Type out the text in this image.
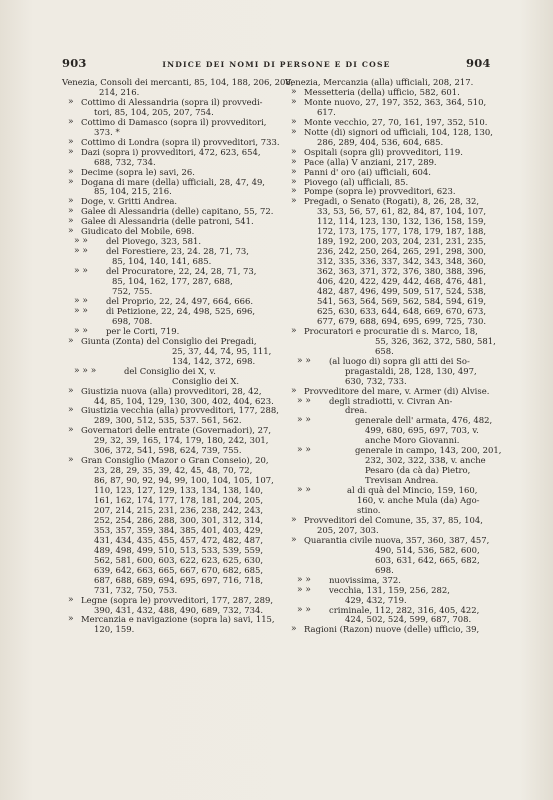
903	INDICE DEI NOMI DI PERSONE E DI COSE	904
Venezia, Consoli dei mercanti, 85, 104, 188, 206, 208,
214, 216.
» Cottimo di Alessandria (sopra il) provvedi-
tori, 85, 104, 205, 207, 754.
» Cottimo di Damasco (sopra il) provveditori,
373. *
» Cottimo di Londra (sopra il) provveditori, 733.
» Dazi (sopra i) provveditori, 472, 623, 654,
688, 732, 734.
» Decime (sopra le) savi, 26.
» Dogana di mare (della) ufficiali, 28, 47, 49,
85, 104, 215, 216.
» Doge, v. Gritti Andrea.
» Galee di Alessandria (delle) capitano, 55, 72.
» Galee di Alessandria (delle patroni, 541.
» Giudicato del Mobile, 698.
» »	del Piovego, 323, 581.
» »	del Forestiere, 23, 24. 28, 71, 73,
85, 104, 140, 141, 685.
» »	del Procuratore, 22, 24, 28, 71, 73,
85, 104, 162, 177, 287, 688,
752, 755.
» »	del Proprio, 22, 24, 497, 664, 666.
» »	di Petizione, 22, 24, 498, 525, 696,
698, 708.
» »	per le Corti, 719.
» Giunta (Zonta) del Consiglio dei Pregadi,
25, 37, 44, 74, 95, 111,
134, 142, 372, 698.
» » »	del Consiglio dei X, v.
Consiglio dei X.
» Giustizia nuova (alla) provveditori, 28, 42,
44, 85, 104, 129, 130, 300, 402, 404, 623.
» Giustizia vecchia (alla) provveditori, 177, 288,
289, 300, 512, 535, 537. 561, 562.
» Governatori delle entrate (Governadori), 27,
29, 32, 39, 165, 174, 179, 180, 242, 301,
306, 372, 541, 598, 624, 739, 755.
» Gran Consiglio (Mazor o Gran Conseio), 20,
23, 28, 29, 35, 39, 42, 45, 48, 70, 72,
86, 87, 90, 92, 94, 99, 100, 104, 105, 107,
110, 123, 127, 129, 133, 134, 138, 140,
161, 162, 174, 177, 178, 181, 204, 205,
207, 214, 215, 231, 236, 238, 242, 243,
252, 254, 286, 288, 300, 301, 312, 314,
353, 357, 359, 384, 385, 401, 403, 429,
431, 434, 435, 455, 457, 472, 482, 487,
489, 498, 499, 510, 513, 533, 539, 559,
562, 581, 600, 603, 622, 623, 625, 630,
639, 642, 663, 665, 667, 670, 682, 685,
687, 688, 689, 694, 695, 697, 716, 718,
731, 732, 750, 753.
» Legne (sopra le) provveditori, 177, 287, 289,
390, 431, 432, 488, 490, 689, 732, 734.
» Mercanzia e navigazione (sopra la) savi, 115,
120, 159.
Venezia, Mercanzia (alla) ufficiali, 208, 217.
» Messetteria (della) ufficio, 582, 601.
» Monte nuovo, 27, 197, 352, 363, 364, 510,
617.
» Monte vecchio, 27, 70, 161, 197, 352, 510.
» Notte (di) signori od ufficiali, 104, 128, 130,
286, 289, 404, 536, 604, 685.
» Ospitali (sopra gli) provveditori, 119.
» Pace (alla) V anziani, 217, 289.
» Panni d' oro (ai) ufficiali, 604.
» Piovego (al) ufficiali, 85.
» Pompe (sopra le) provveditori, 623.
» Pregadi, o Senato (Rogati), 8, 26, 28, 32,
33, 53, 56, 57, 61, 82, 84, 87, 104, 107,
112, 114, 123, 130, 132, 136, 158, 159,
172, 173, 175, 177, 178, 179, 187, 188,
189, 192, 200, 203, 204, 231, 231, 235,
236, 242, 250, 264, 265, 291, 298, 300,
312, 335, 336, 337, 342, 343, 348, 360,
362, 363, 371, 372, 376, 380, 388, 396,
406, 420, 422, 429, 442, 468, 476, 481,
482, 487, 496, 499, 509, 517, 524, 538,
541, 563, 564, 569, 562, 584, 594, 619,
625, 630, 633, 644, 648, 669, 670, 673,
677, 679, 688, 694, 695, 699, 725, 730.
» Procuratori e procuratie di s. Marco, 18,
55, 326, 362, 372, 580, 581,
658.
» »	(al luogo di) sopra gli atti dei So-
pragastaldi, 28, 128, 130, 497,
630, 732, 733.
» Provveditore del mare, v. Armer (di) Alvise.
» »	degli stradiotti, v. Civran An-
drea.
» »	generale dell' armata, 476, 482,
499, 680, 695, 697, 703, v.
anche Moro Giovanni.
» »	generale in campo, 143, 200, 201,
232, 302, 322, 338, v. anche
Pesaro (da cà da) Pietro,
Trevisan Andrea.
» »	al di quà del Mincio, 159, 160,
160, v. anche Mula (da) Ago-
stino.
» Provveditori del Comune, 35, 37, 85, 104,
205, 207, 303.
» Quarantia civile nuova, 357, 360, 387, 457,
490, 514, 536, 582, 600,
603, 631, 642, 665, 682,
698.
» »	nuovissima, 372.
» »	vecchia, 131, 159, 256, 282,
429, 432, 719.
» »	criminale, 112, 282, 316, 405, 422,
424, 502, 524, 599, 687, 708.
» Ragioni (Razon) nuove (delle) ufficio, 39,
